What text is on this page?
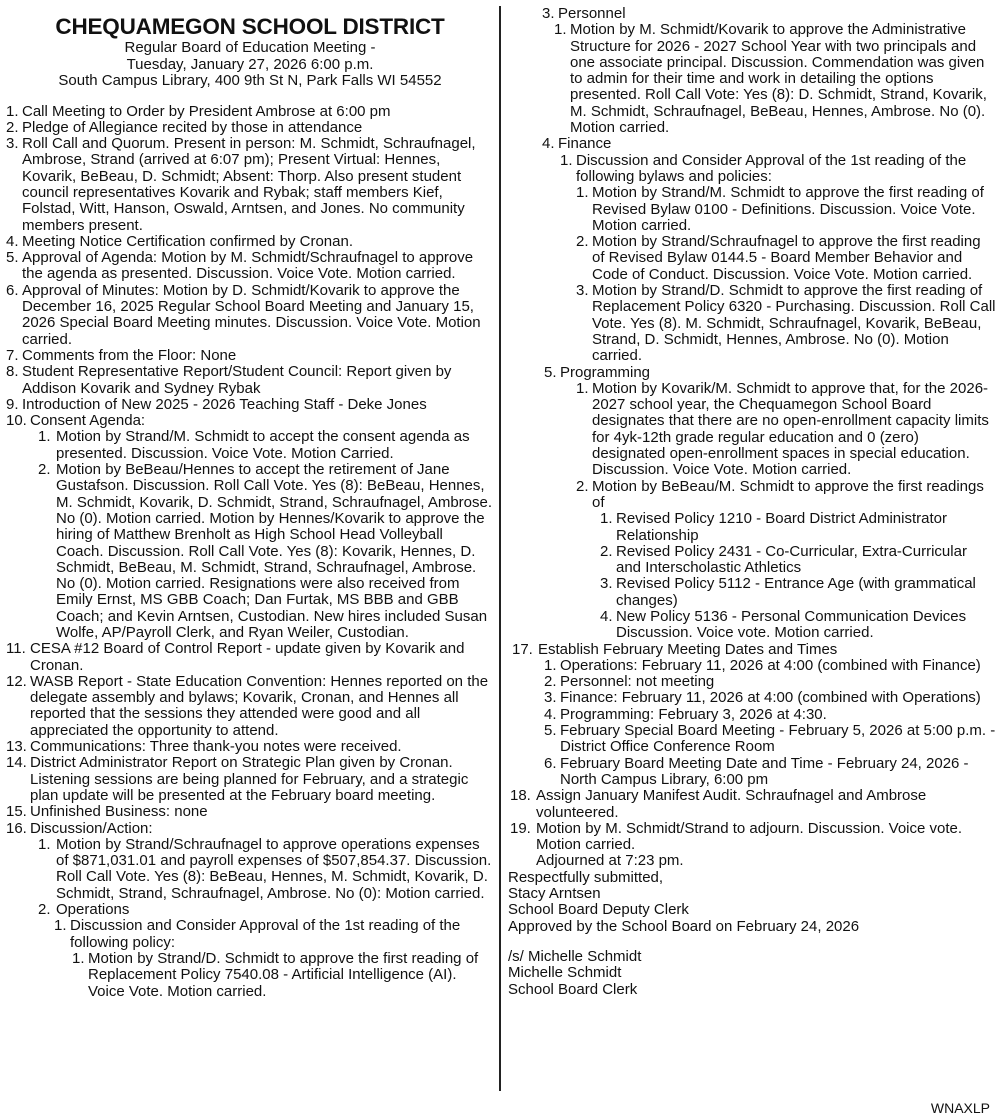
CHEQUAMEGON SCHOOL DISTRICT
Regular Board of Education Meeting -
Tuesday, January 27, 2026 6:00 p.m.
South Campus Library, 400 9th St N, Park Falls WI 54552
1. Call Meeting to Order by President Ambrose at 6:00 pm
2. Pledge of Allegiance recited by those in attendance
3. Roll Call and Quorum. Present in person: M. Schmidt, Schraufnagel, Ambrose, Strand (arrived at 6:07 pm); Present Virtual: Hennes, Kovarik, BeBeau, D. Schmidt; Absent: Thorp. Also present student council representatives Kovarik and Rybak; staff members Kief, Folstad, Witt, Hanson, Oswald, Arntsen, and Jones. No community members present.
4. Meeting Notice Certification confirmed by Cronan.
5. Approval of Agenda: Motion by M. Schmidt/Schraufnagel to approve the agenda as presented. Discussion. Voice Vote. Motion carried.
6. Approval of Minutes: Motion by D. Schmidt/Kovarik to approve the December 16, 2025 Regular School Board Meeting and January 15, 2026 Special Board Meeting minutes. Discussion. Voice Vote. Motion carried.
7. Comments from the Floor: None
8. Student Representative Report/Student Council: Report given by Addison Kovarik and Sydney Rybak
9. Introduction of New 2025 - 2026 Teaching Staff - Deke Jones
10. Consent Agenda:
1. Motion by Strand/M. Schmidt to accept the consent agenda as presented. Discussion. Voice Vote. Motion Carried.
2. Motion by BeBeau/Hennes to accept the retirement of Jane Gustafson. Discussion. Roll Call Vote. Yes (8): BeBeau, Hennes, M. Schmidt, Kovarik, D. Schmidt, Strand, Schraufnagel, Ambrose. No (0). Motion carried. Motion by Hennes/Kovarik to approve the hiring of Matthew Brenholt as High School Head Volleyball Coach. Discussion. Roll Call Vote. Yes (8): Kovarik, Hennes, D. Schmidt, BeBeau, M. Schmidt, Strand, Schraufnagel, Ambrose. No (0). Motion carried. Resignations were also received from Emily Ernst, MS GBB Coach; Dan Furtak, MS BBB and GBB Coach; and Kevin Arntsen, Custodian. New hires included Susan Wolfe, AP/Payroll Clerk, and Ryan Weiler, Custodian.
11. CESA #12 Board of Control Report - update given by Kovarik and Cronan.
12. WASB Report - State Education Convention: Hennes reported on the delegate assembly and bylaws; Kovarik, Cronan, and Hennes all reported that the sessions they attended were good and all appreciated the opportunity to attend.
13. Communications: Three thank-you notes were received.
14. District Administrator Report on Strategic Plan given by Cronan. Listening sessions are being planned for February, and a strategic plan update will be presented at the February board meeting.
15. Unfinished Business: none
16. Discussion/Action:
1. Motion by Strand/Schraufnagel to approve operations expenses of $871,031.01 and payroll expenses of $507,854.37. Discussion. Roll Call Vote. Yes (8): BeBeau, Hennes, M. Schmidt, Kovarik, D. Schmidt, Strand, Schraufnagel, Ambrose. No (0): Motion carried.
2. Operations
1. Discussion and Consider Approval of the 1st reading of the following policy:
1. Motion by Strand/D. Schmidt to approve the first reading of Replacement Policy 7540.08 - Artificial Intelligence (AI). Voice Vote. Motion carried.
3. Personnel
1. Motion by M. Schmidt/Kovarik to approve the Administrative Structure for 2026 - 2027 School Year with two principals and one associate principal. Discussion. Commendation was given to admin for their time and work in detailing the options presented. Roll Call Vote: Yes (8): D. Schmidt, Strand, Kovarik, M. Schmidt, Schraufnagel, BeBeau, Hennes, Ambrose. No (0). Motion carried.
4. Finance
1. Discussion and Consider Approval of the 1st reading of the following bylaws and policies:
1. Motion by Strand/M. Schmidt to approve the first reading of Revised Bylaw 0100 - Definitions. Discussion. Voice Vote. Motion carried.
2. Motion by Strand/Schraufnagel to approve the first reading of Revised Bylaw 0144.5 - Board Member Behavior and Code of Conduct. Discussion. Voice Vote. Motion carried.
3. Motion by Strand/D. Schmidt to approve the first reading of Replacement Policy 6320 - Purchasing. Discussion. Roll Call Vote. Yes (8). M. Schmidt, Schraufnagel, Kovarik, BeBeau, Strand, D. Schmidt, Hennes, Ambrose. No (0). Motion carried.
5. Programming
1. Motion by Kovarik/M. Schmidt to approve that, for the 2026-2027 school year, the Chequamegon School Board designates that there are no open-enrollment capacity limits for 4yk-12th grade regular education and 0 (zero) designated open-enrollment spaces in special education. Discussion. Voice Vote. Motion carried.
2. Motion by BeBeau/M. Schmidt to approve the first readings of
1. Revised Policy 1210 - Board District Administrator Relationship
2. Revised Policy 2431 - Co-Curricular, Extra-Curricular and Interscholastic Athletics
3. Revised Policy 5112 - Entrance Age (with grammatical changes)
4. New Policy 5136 - Personal Communication Devices Discussion. Voice vote. Motion carried.
17. Establish February Meeting Dates and Times
1. Operations: February 11, 2026 at 4:00 (combined with Finance)
2. Personnel: not meeting
3. Finance: February 11, 2026 at 4:00 (combined with Operations)
4. Programming: February 3, 2026 at 4:30.
5. February Special Board Meeting - February 5, 2026 at 5:00 p.m. - District Office Conference Room
6. February Board Meeting Date and Time - February 24, 2026 - North Campus Library, 6:00 pm
18. Assign January Manifest Audit. Schraufnagel and Ambrose volunteered.
19. Motion by M. Schmidt/Strand to adjourn. Discussion. Voice vote. Motion carried.
Adjourned at 7:23 pm.
Respectfully submitted,
Stacy Arntsen
School Board Deputy Clerk
Approved by the School Board on February 24, 2026
/s/ Michelle Schmidt
Michelle Schmidt
School Board Clerk
WNAXLP
